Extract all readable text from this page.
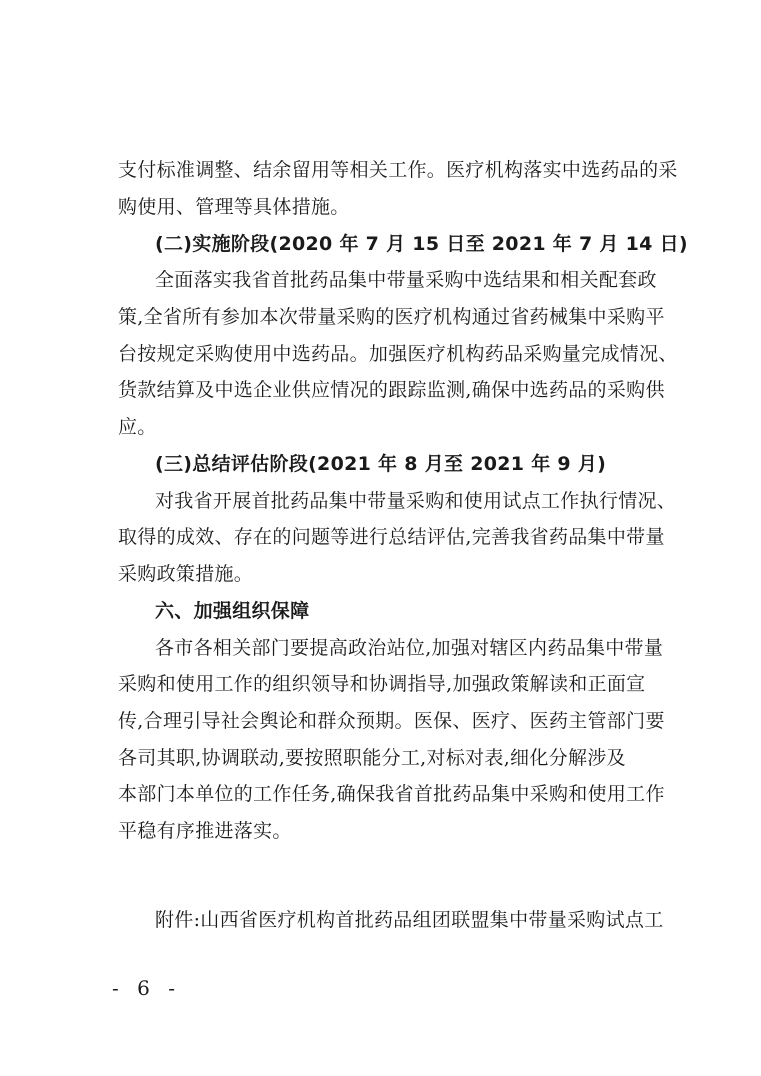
支付标准调整、结余留用等相关工作。医疗机构落实中选药品的采
购使用、管理等具体措施。
(二)实施阶段(2020 年 7 月 15 日至 2021 年 7 月 14 日)
全面落实我省首批药品集中带量采购中选结果和相关配套政
策,全省所有参加本次带量采购的医疗机构通过省药械集中采购平
台按规定采购使用中选药品。加强医疗机构药品采购量完成情况、
货款结算及中选企业供应情况的跟踪监测,确保中选药品的采购供
应。
(三)总结评估阶段(2021 年 8 月至 2021 年 9 月)
对我省开展首批药品集中带量采购和使用试点工作执行情况、
取得的成效、存在的问题等进行总结评估,完善我省药品集中带量
采购政策措施。
六、加强组织保障
各市各相关部门要提高政治站位,加强对辖区内药品集中带量
采购和使用工作的组织领导和协调指导,加强政策解读和正面宣
传,合理引导社会舆论和群众预期。医保、医疗、医药主管部门要
各司其职,协调联动,要按照职能分工,对标对表,细化分解涉及
本部门本单位的工作任务,确保我省首批药品集中采购和使用工作
平稳有序推进落实。
附件:山西省医疗机构首批药品组团联盟集中带量采购试点工
- 6 -
